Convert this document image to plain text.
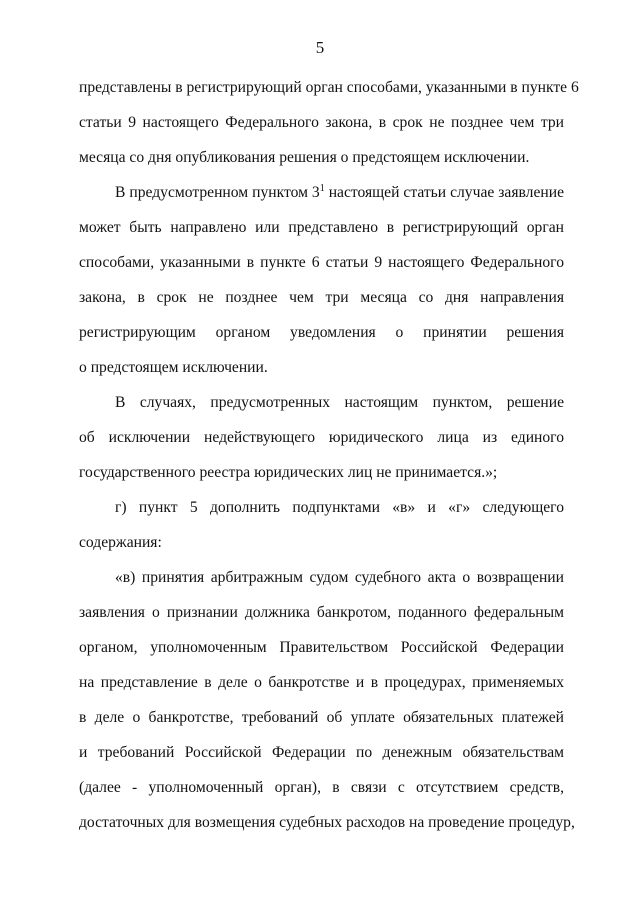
5
представлены в регистрирующий орган способами, указанными в пункте 6
статьи 9 настоящего Федерального закона, в срок не позднее чем три
месяца со дня опубликования решения о предстоящем исключении.
В предусмотренном пунктом $3^1$ настоящей статьи случае заявление
может быть направлено или представлено в регистрирующий орган
способами, указанными в пункте 6 статьи 9 настоящего Федерального
закона, в срок не позднее чем три месяца со дня направления
регистрирующим органом уведомления о принятии решения
о предстоящем исключении.
В случаях, предусмотренных настоящим пунктом, решение
об исключении недействующего юридического лица из единого
государственного реестра юридических лиц не принимается.»;
г) пункт 5 дополнить подпунктами «в» и «г» следующего
содержания:
«в) принятия арбитражным судом судебного акта о возвращении
заявления о признании должника банкротом, поданного федеральным
органом, уполномоченным Правительством Российской Федерации
на представление в деле о банкротстве и в процедурах, применяемых
в деле о банкротстве, требований об уплате обязательных платежей
и требований Российской Федерации по денежным обязательствам
(далее - уполномоченный орган), в связи с отсутствием средств,
достаточных для возмещения судебных расходов на проведение процедур,
